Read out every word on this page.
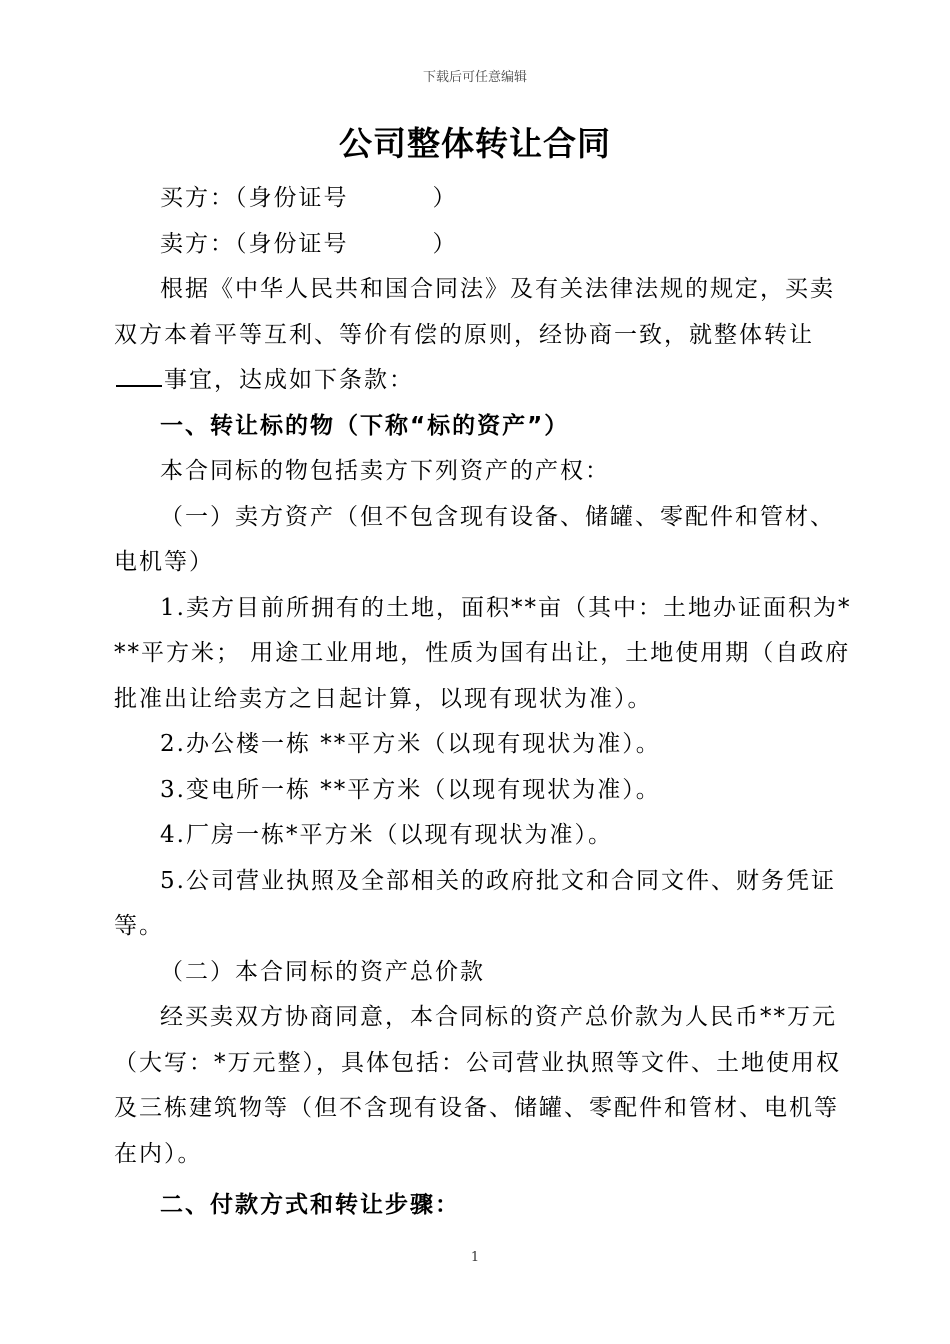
下载后可任意编辑
公司整体转让合同

买方：（身份证号	）

卖方：（身份证号	）

根据《中华人民共和国合同法》及有关法律法规的规定，买卖双方本着平等互利、等价有偿的原则，经协商一致，就整体转让事宜，达成如下条款：

一、转让标的物（下称“标的资产”）

本合同标的物包括卖方下列资产的产权：

（一）卖方资产（但不包含现有设备、储罐、零配件和管材、电机等）

1.卖方目前所拥有的土地，面积**亩（其中：土地办证面积为***平方米； 用途工业用地，性质为国有出让，土地使用期（自政府批准出让给卖方之日起计算，以现有现状为准）。

2.办公楼一栋 **平方米（以现有现状为准）。

3.变电所一栋 **平方米（以现有现状为准）。

4.厂房一栋*平方米（以现有现状为准）。

5.公司营业执照及全部相关的政府批文和合同文件、财务凭证等。

（二）本合同标的资产总价款

经买卖双方协商同意，本合同标的资产总价款为人民币**万元（大写：*万元整），具体包括：公司营业执照等文件、土地使用权及三栋建筑物等（但不含现有设备、储罐、零配件和管材、电机等在内）。

二、付款方式和转让步骤：

1
